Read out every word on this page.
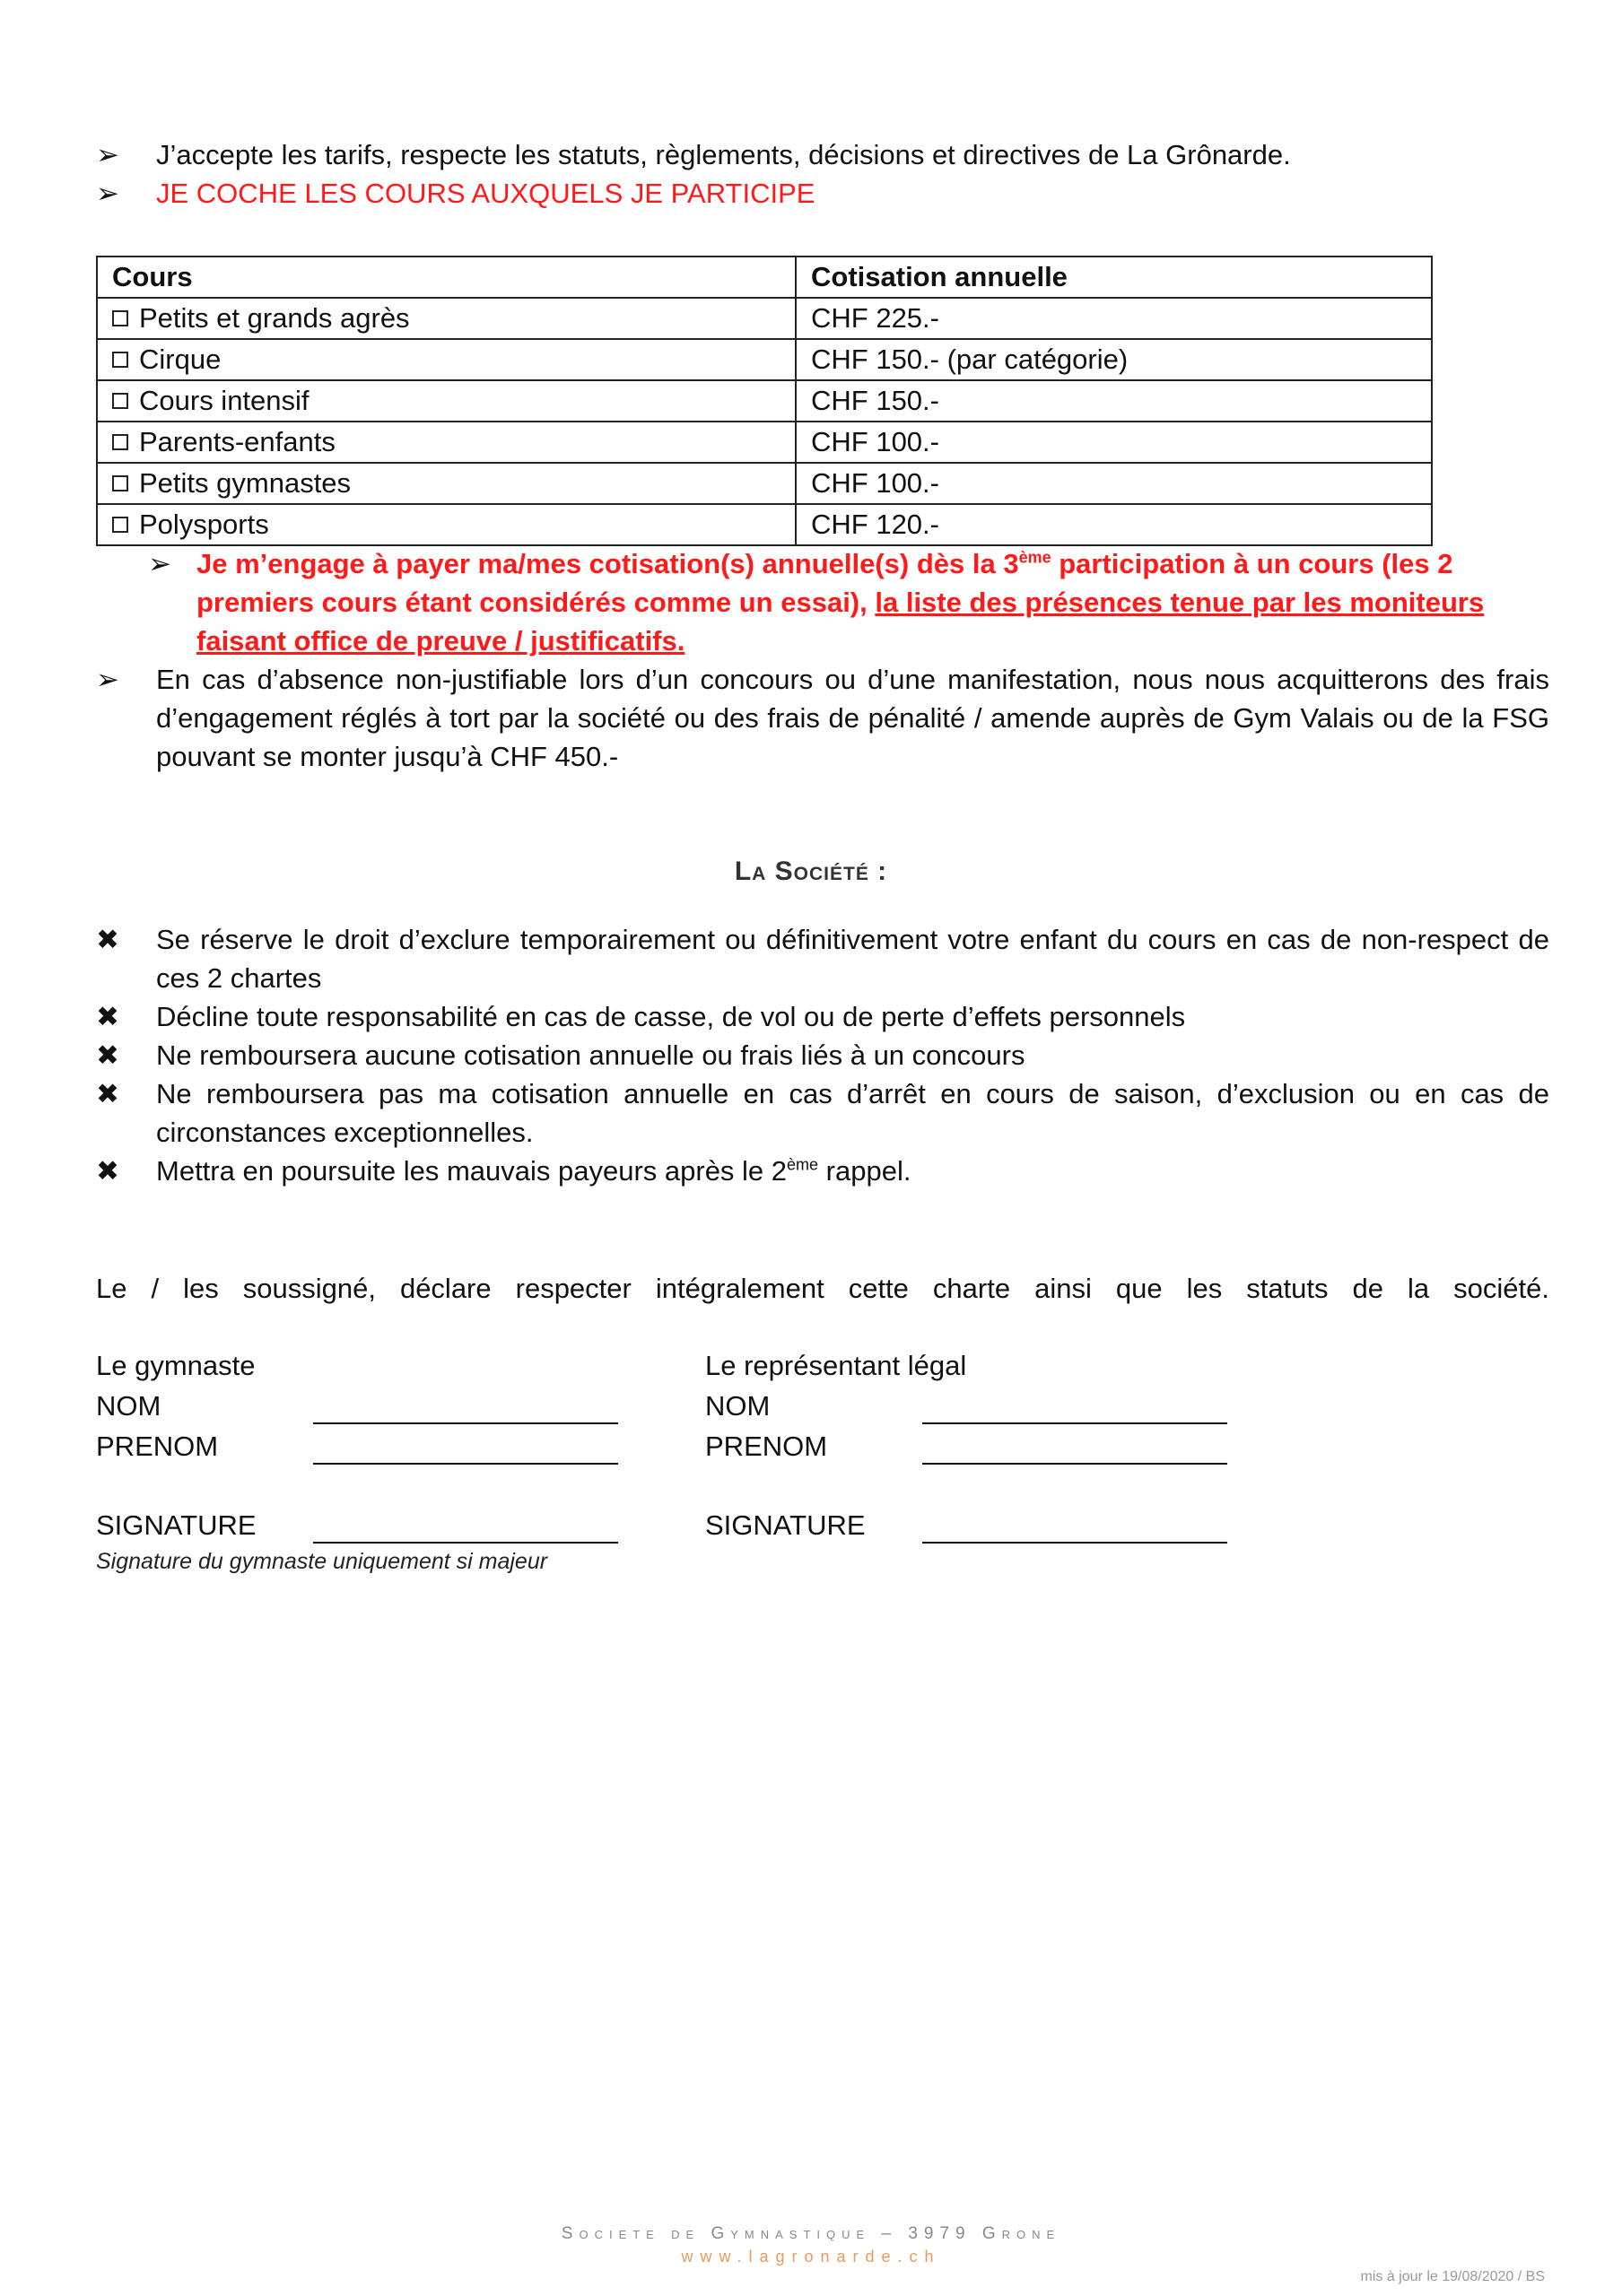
➢	J’accepte les tarifs, respecte les statuts, règlements, décisions et directives de La Grônarde.
➢	JE COCHE LES COURS AUXQUELS JE PARTICIPE
Cours	Cotisation annuelle
Petits et grands agrès	CHF 225.-
Cirque	CHF 150.- (par catégorie)
Cours intensif	CHF 150.-
Parents-enfants	CHF 100.-
Petits gymnastes	CHF 100.-
Polysports	CHF 120.-
➢ Je m’engage à payer ma/mes cotisation(s) annuelle(s) dès la 3ème participation à un cours (les 2 premiers cours étant considérés comme un essai), la liste des présences tenue par les moniteurs faisant office de preuve / justificatifs.
➢	En cas d’absence non-justifiable lors d’un concours ou d’une manifestation, nous nous acquitterons des frais d’engagement réglés à tort par la société ou des frais de pénalité / amende auprès de Gym Valais ou de la FSG pouvant se monter jusqu’à CHF 450.-
La Société :
✖	Se réserve le droit d’exclure temporairement ou définitivement votre enfant du cours en cas de non-respect de ces 2 chartes
✖	Décline toute responsabilité en cas de casse, de vol ou de perte d’effets personnels
✖	Ne remboursera aucune cotisation annuelle ou frais liés à un concours
✖	Ne remboursera pas ma cotisation annuelle en cas d’arrêt en cours de saison, d’exclusion ou en cas de circonstances exceptionnelles.
✖	Mettra en poursuite les mauvais payeurs après le 2ème rappel.
Le / les soussigné, déclare respecter intégralement cette charte ainsi que les statuts de la société.
Le gymnaste
NOM
PRENOM
SIGNATURE
Le représentant légal
NOM
PRENOM
SIGNATURE
Signature du gymnaste uniquement si majeur
Societe de Gymnastique – 3979 Grone
www.lagronarde.ch
mis à jour le 19/08/2020 / BS
